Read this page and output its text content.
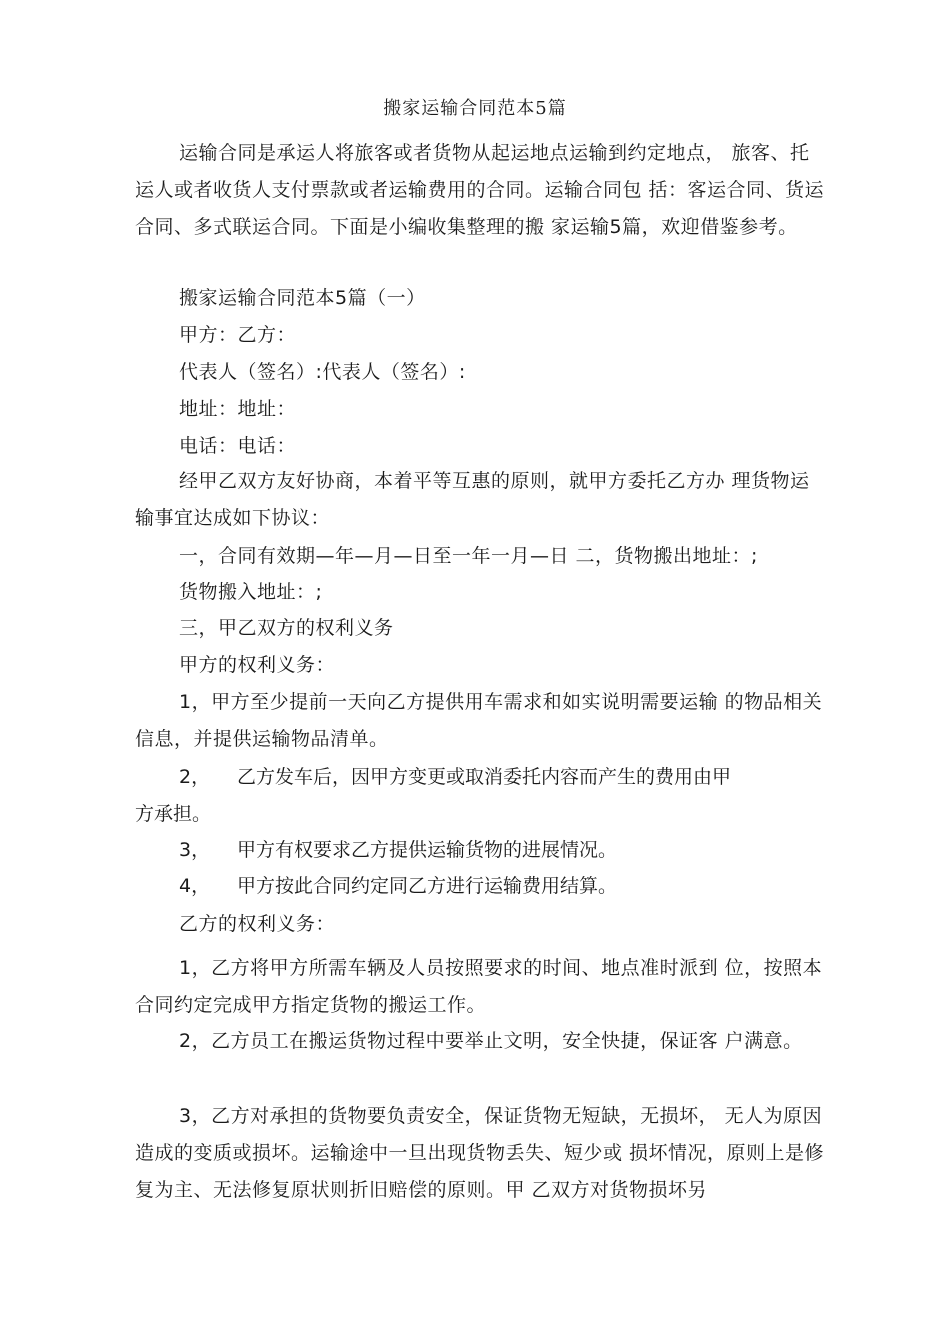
搬家运输合同范本5篇
运输合同是承运人将旅客或者货物从起运地点运输到约定地点， 旅客、托运人或者收货人支付票款或者运输费用的合同。运输合同包 括：客运合同、货运合同、多式联运合同。下面是小编收集整理的搬 家运输5篇，欢迎借鉴参考。
搬家运输合同范本5篇（一）
甲方：乙方：
代表人（签名）:代表人（签名）:
地址：地址：
电话：电话：
经甲乙双方友好协商，本着平等互惠的原则，就甲方委托乙方办 理货物运输事宜达成如下协议：
一，合同有效期—年—月—日至一年一月—日 二，货物搬出地址：;
货物搬入地址：;
三，甲乙双方的权利义务
甲方的权利义务：
1，甲方至少提前一天向乙方提供用车需求和如实说明需要运输 的物品相关信息，并提供运输物品清单。
2， 乙方发车后，因甲方变更或取消委托内容而产生的费用由甲
方承担。
3， 甲方有权要求乙方提供运输货物的进展情况。
4， 甲方按此合同约定同乙方进行运输费用结算。
乙方的权利义务：
1，乙方将甲方所需车辆及人员按照要求的时间、地点准时派到 位，按照本合同约定完成甲方指定货物的搬运工作。
2，乙方员工在搬运货物过程中要举止文明，安全快捷，保证客 户满意。
3，乙方对承担的货物要负责安全，保证货物无短缺，无损坏， 无人为原因造成的变质或损坏。运输途中一旦出现货物丢失、短少或 损坏情况，原则上是修复为主、无法修复原状则折旧赔偿的原则。甲 乙双方对货物损坏另
